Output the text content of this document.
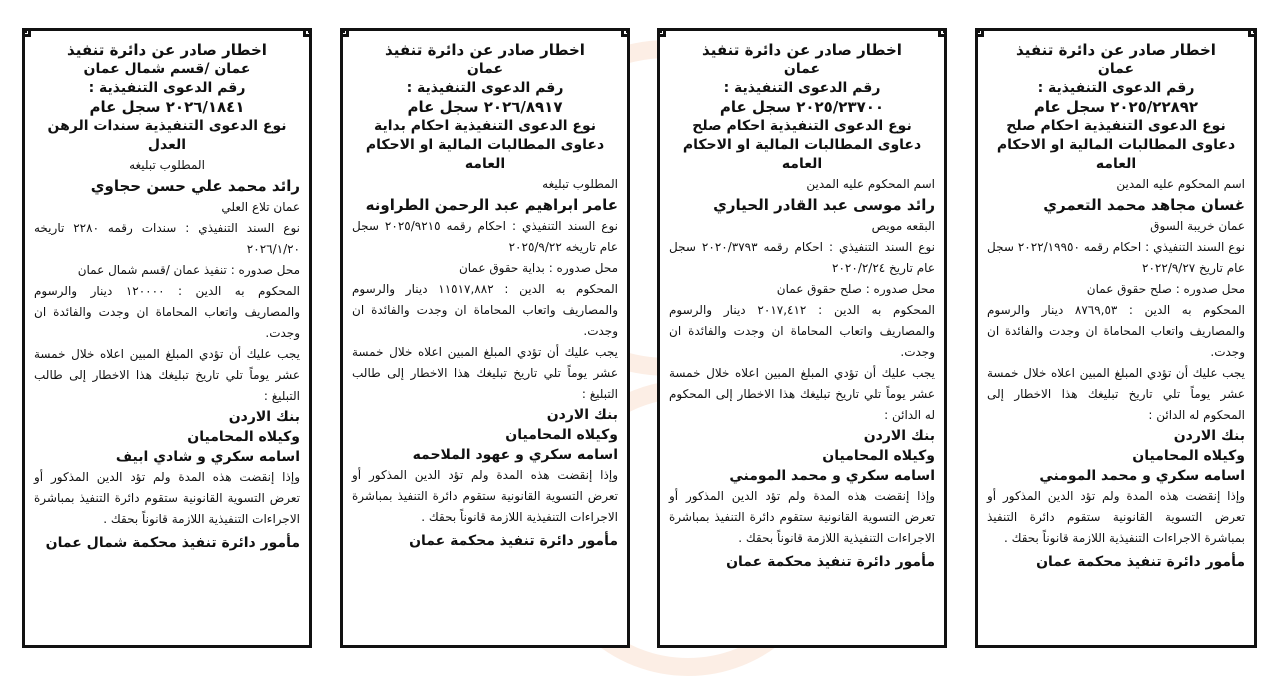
اخطار صادر عن دائرة تنفيذ
عمان /قسم شمال عمان
رقم الدعوى التنفيذية :
٢٠٢٦/١٨٤١ سجل عام
نوع الدعوى التنفيذية سندات الرهن العدل
المطلوب تبليغه
رائد محمد علي حسن حجاوي
عمان تلاع العلي
نوع السند التنفيذي : سندات رقمه ٢٢٨٠ تاريخه ٢٠٢٦/١/٢٠
محل صدوره : تنفيذ عمان /قسم شمال عمان
المحكوم به الدين : ١٢٠٠٠٠ دينار والرسوم والمصاريف واتعاب المحاماة ان وجدت والفائدة ان وجدت.
يجب عليك أن تؤدي المبلغ المبين اعلاه خلال خمسة عشر يوماً تلي تاريخ تبليغك هذا الاخطار إلى طالب التبليغ :
بنك الاردن
وكيلاه المحاميان
اسامه سكري و شادي ابيف
وإذا إنقضت هذه المدة ولم تؤد الدين المذكور أو تعرض التسوية القانونية ستقوم دائرة التنفيذ بمباشرة الاجراءات التنفيذية اللازمة قانوناً بحقك .
مأمور دائرة تنفيذ محكمة شمال عمان
اخطار صادر عن دائرة تنفيذ
عمان
رقم الدعوى التنفيذية :
٢٠٢٦/٨٩١٧ سجل عام
نوع الدعوى التنفيذية احكام بداية دعاوى المطالبات المالية او الاحكام العامه
المطلوب تبليغه
عامر ابراهيم عبد الرحمن الطراونه
نوع السند التنفيذي : احكام رقمه ٢٠٢٥/٩٢١٥ سجل عام تاريخه ٢٠٢٥/٩/٢٢
محل صدوره : بداية حقوق عمان
المحكوم به الدين : ١١٥١٧,٨٨٢ دينار والرسوم والمصاريف واتعاب المحاماة ان وجدت والفائدة ان وجدت.
يجب عليك أن تؤدي المبلغ المبين اعلاه خلال خمسة عشر يوماً تلي تاريخ تبليغك هذا الاخطار إلى طالب التبليغ :
بنك الاردن
وكيلاه المحاميان
اسامه سكري و عهود الملاحمه
وإذا إنقضت هذه المدة ولم تؤد الدين المذكور أو تعرض التسوية القانونية ستقوم دائرة التنفيذ بمباشرة الاجراءات التنفيذية اللازمة قانوناً بحقك .
مأمور دائرة تنفيذ محكمة عمان
اخطار صادر عن دائرة تنفيذ
عمان
رقم الدعوى التنفيذية :
٢٠٢٥/٢٣٧٠٠ سجل عام
نوع الدعوى التنفيذية احكام صلح دعاوى المطالبات المالية او الاحكام العامه
اسم المحكوم عليه المدين
رائد موسى عبد القادر الحياري
البقعه مويص
نوع السند التنفيذي : احكام رقمه ٢٠٢٠/٣٧٩٣ سجل عام تاريخ ٢٠٢٠/٢/٢٤
محل صدوره : صلح حقوق عمان
المحكوم به الدين : ٢٠١٧,٤١٢ دينار والرسوم والمصاريف واتعاب المحاماة ان وجدت والفائدة ان وجدت.
يجب عليك أن تؤدي المبلغ المبين اعلاه خلال خمسة عشر يوماً تلي تاريخ تبليغك هذا الاخطار إلى المحكوم له الدائن :
بنك الاردن
وكيلاه المحاميان
اسامه سكري و محمد المومني
وإذا إنقضت هذه المدة ولم تؤد الدين المذكور أو تعرض التسوية القانونية ستقوم دائرة التنفيذ بمباشرة الاجراءات التنفيذية اللازمة قانوناً بحقك .
مأمور دائرة تنفيذ محكمة عمان
اخطار صادر عن دائرة تنفيذ
عمان
رقم الدعوى التنفيذية :
٢٠٢٥/٢٢٨٩٢ سجل عام
نوع الدعوى التنفيذية احكام صلح دعاوى المطالبات المالية او الاحكام العامه
اسم المحكوم عليه المدين
غسان مجاهد محمد التعمري
عمان خريبة السوق
نوع السند التنفيذي : احكام رقمه ٢٠٢٢/١٩٩٥٠ سجل عام تاريخ ٢٠٢٢/٩/٢٧
محل صدوره : صلح حقوق عمان
المحكوم به الدين : ٨٧٦٩,٥٣ دينار والرسوم والمصاريف واتعاب المحاماة ان وجدت والفائدة ان وجدت.
يجب عليك أن تؤدي المبلغ المبين اعلاه خلال خمسة عشر يوماً تلي تاريخ تبليغك هذا الاخطار إلى المحكوم له الدائن :
بنك الاردن
وكيلاه المحاميان
اسامه سكري و محمد المومني
وإذا إنقضت هذه المدة ولم تؤد الدين المذكور أو تعرض التسوية القانونية ستقوم دائرة التنفيذ بمباشرة الاجراءات التنفيذية اللازمة قانوناً بحقك .
مأمور دائرة تنفيذ محكمة عمان
